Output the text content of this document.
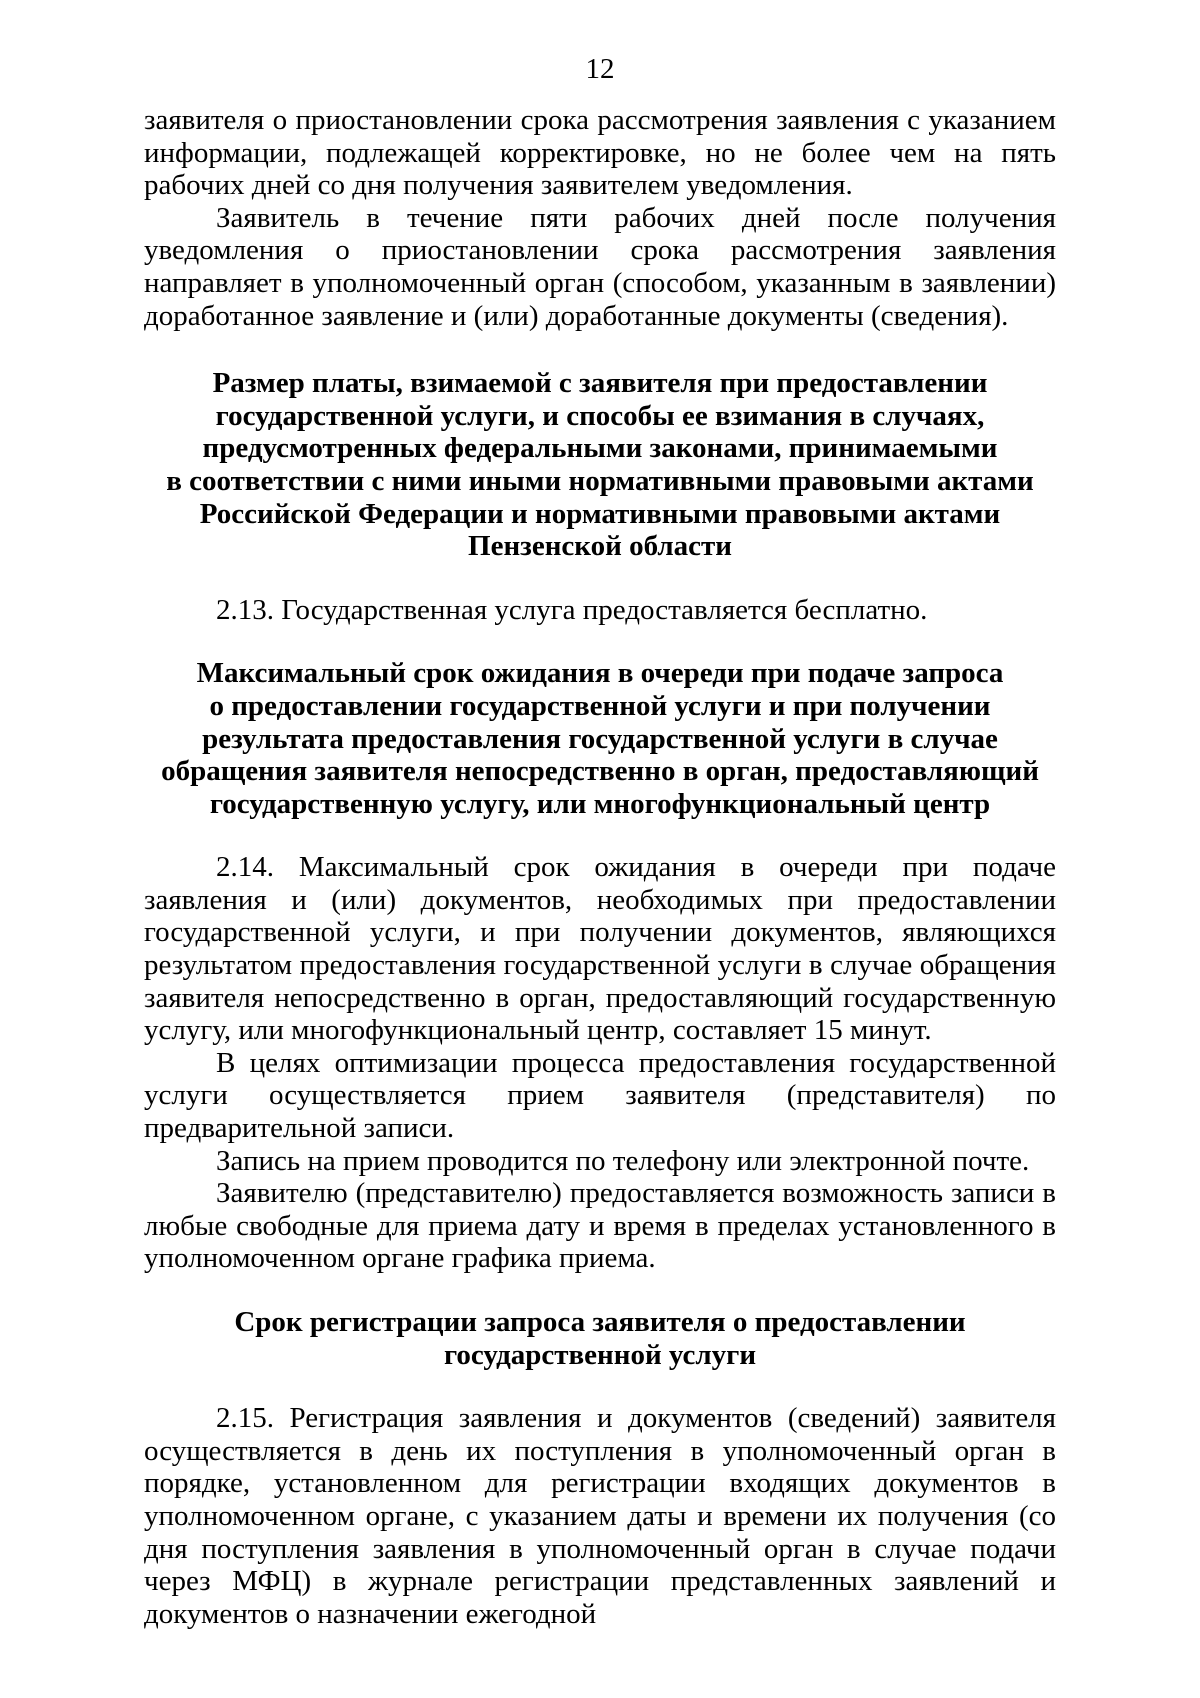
12

заявителя о приостановлении срока рассмотрения заявления с указанием информации, подлежащей корректировке, но не более чем на пять рабочих дней со дня получения заявителем уведомления.

Заявитель в течение пяти рабочих дней после получения уведомления о приостановлении срока рассмотрения заявления направляет в уполномоченный орган (способом, указанным в заявлении) доработанное заявление и (или) доработанные документы (сведения).

Размер платы, взимаемой с заявителя при предоставлении
государственной услуги, и способы ее взимания в случаях,
предусмотренных федеральными законами, принимаемыми
в соответствии с ними иными нормативными правовыми актами
Российской Федерации и нормативными правовыми актами
Пензенской области

2.13. Государственная услуга предоставляется бесплатно.

Максимальный срок ожидания в очереди при подаче запроса
о предоставлении государственной услуги и при получении
результата предоставления государственной услуги в случае
обращения заявителя непосредственно в орган, предоставляющий
государственную услугу, или многофункциональный центр

2.14. Максимальный срок ожидания в очереди при подаче заявления и (или) документов, необходимых при предоставлении государственной услуги, и при получении документов, являющихся результатом предоставления государственной услуги в случае обращения заявителя непосредственно в орган, предоставляющий государственную услугу, или многофункциональный центр, составляет 15 минут.

В целях оптимизации процесса предоставления государственной услуги осуществляется прием заявителя (представителя) по предварительной записи.

Запись на прием проводится по телефону или электронной почте.

Заявителю (представителю) предоставляется возможность записи в любые свободные для приема дату и время в пределах установленного в уполномоченном органе графика приема.

Срок регистрации запроса заявителя о предоставлении
государственной услуги

2.15. Регистрация заявления и документов (сведений) заявителя осуществляется в день их поступления в уполномоченный орган в порядке, установленном для регистрации входящих документов в уполномоченном органе, с указанием даты и времени их получения (со дня поступления заявления в уполномоченный орган в случае подачи через МФЦ) в журнале регистрации представленных заявлений и документов о назначении ежегодной
